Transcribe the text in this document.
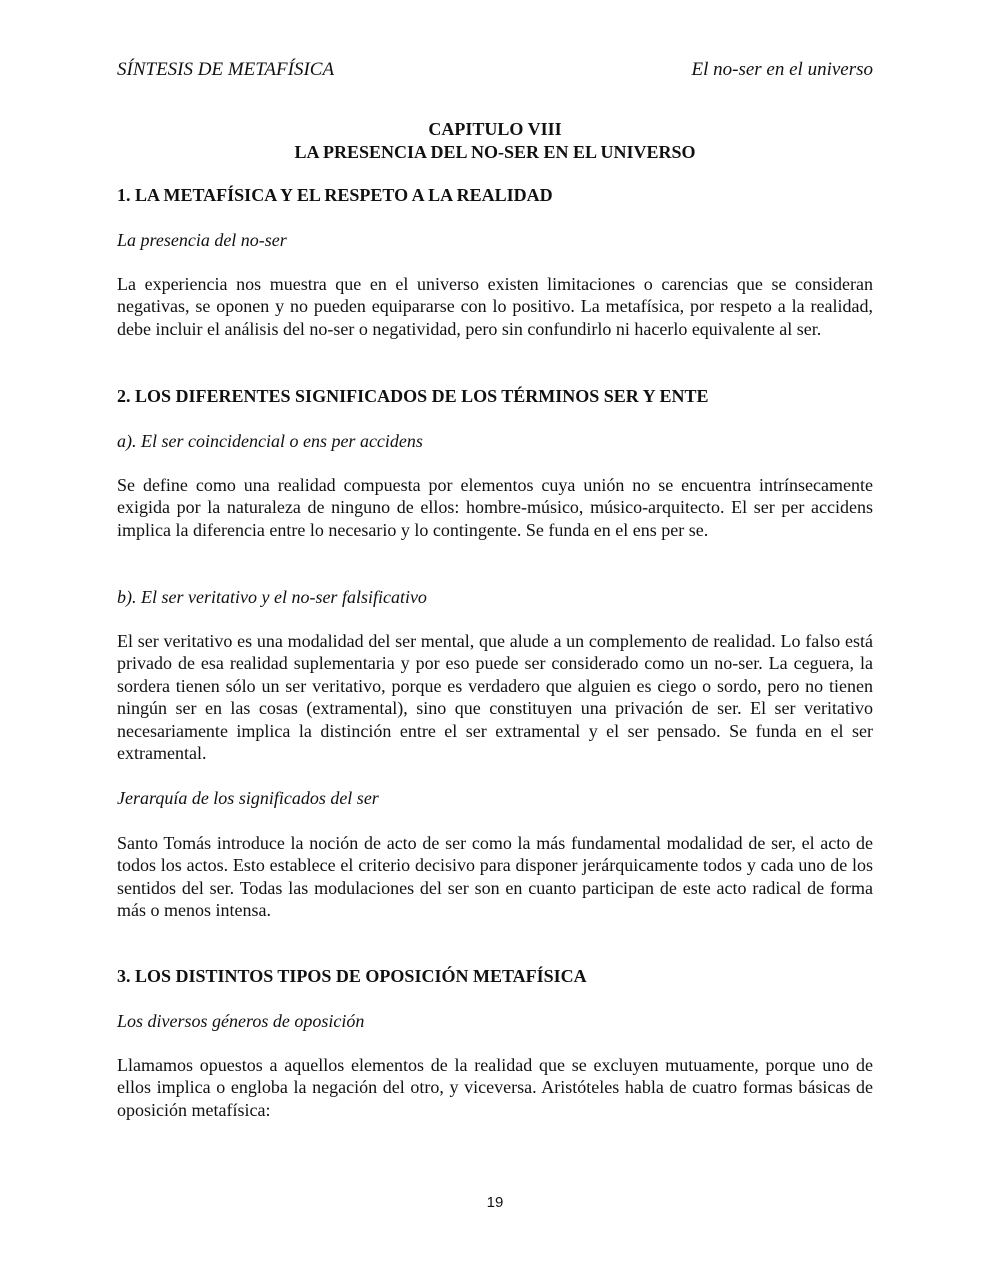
SÍNTESIS DE METAFÍSICA	El no-ser en el universo
CAPITULO VIII
LA PRESENCIA DEL NO-SER EN EL UNIVERSO
1. LA METAFÍSICA Y EL RESPETO A LA REALIDAD
La presencia del no-ser
La experiencia nos muestra que en el universo existen limitaciones o carencias que se consideran negativas, se oponen y no pueden equipararse con lo positivo. La metafísica, por respeto a la realidad, debe incluir el análisis del no-ser o negatividad, pero sin confundirlo ni hacerlo equivalente al ser.
2. LOS DIFERENTES SIGNIFICADOS DE LOS TÉRMINOS SER Y ENTE
a). El ser coincidencial o ens per accidens
Se define como una realidad compuesta por elementos cuya unión no se encuentra intrínsecamente exigida por la naturaleza de ninguno de ellos: hombre-músico, músico-arquitecto. El ser per accidens implica la diferencia entre lo necesario y lo contingente. Se funda en el ens per se.
b). El ser veritativo y el no-ser falsificativo
El ser veritativo es una modalidad del ser mental, que alude a un complemento de realidad. Lo falso está privado de esa realidad suplementaria y por eso puede ser considerado como un no-ser. La ceguera, la sordera tienen sólo un ser veritativo, porque es verdadero que alguien es ciego o sordo, pero no tienen ningún ser en las cosas (extramental), sino que constituyen una privación de ser. El ser veritativo necesariamente implica la distinción entre el ser extramental y el ser pensado. Se funda en el ser extramental.
Jerarquía de los significados del ser
Santo Tomás introduce la noción de acto de ser como la más fundamental modalidad de ser, el acto de todos los actos. Esto establece el criterio decisivo para disponer jerárquicamente todos y cada uno de los sentidos del ser. Todas las modulaciones del ser son en cuanto participan de este acto radical de forma más o menos intensa.
3. LOS DISTINTOS TIPOS DE OPOSICIÓN METAFÍSICA
Los diversos géneros de oposición
Llamamos opuestos a aquellos elementos de la realidad que se excluyen mutuamente, porque uno de ellos implica o engloba la negación del otro, y viceversa. Aristóteles habla de cuatro formas básicas de oposición metafísica:
19
